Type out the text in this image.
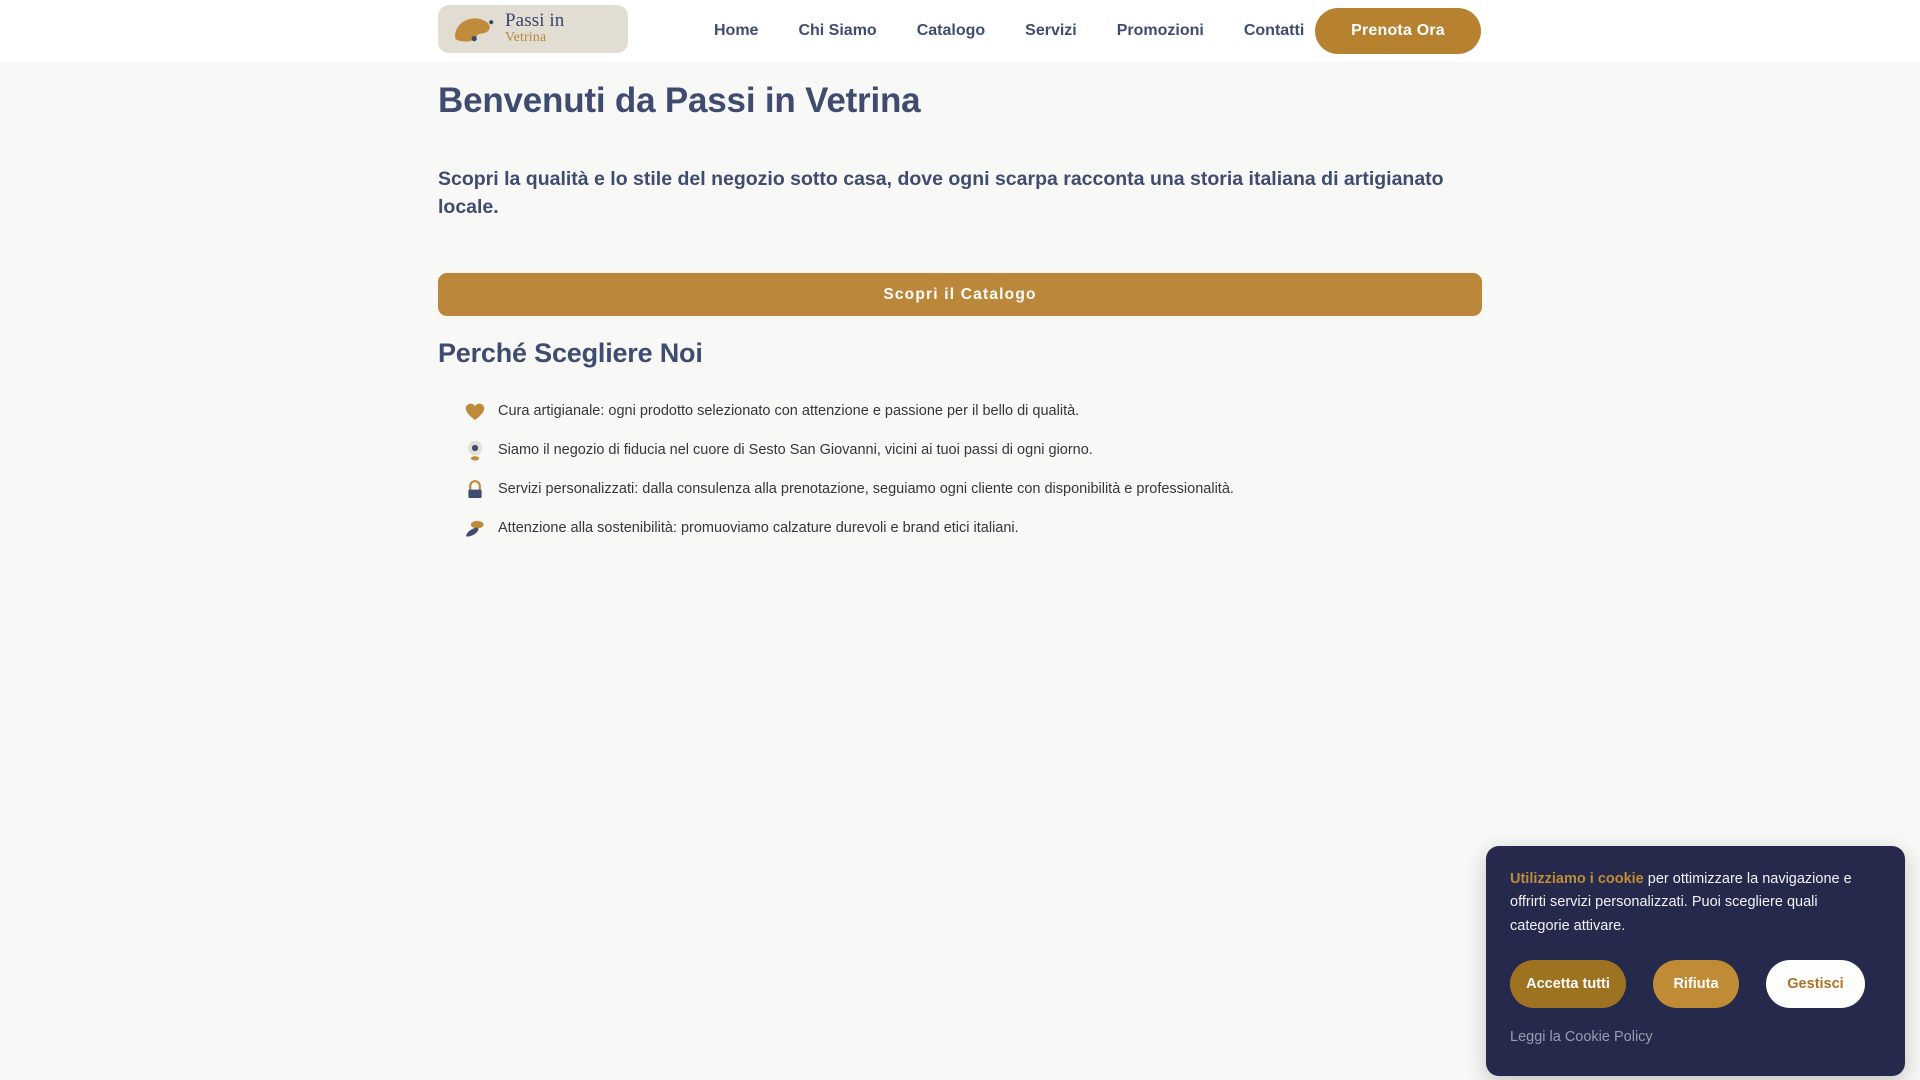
Passi in
Vetrina	Home	Chi Siamo	Catalogo	Servizi	Promozioni	Contatti	Prenota Ora
Benvenuti da Passi in Vetrina

Scopri la qualità e lo stile del negozio sotto casa, dove ogni scarpa racconta una storia italiana di artigianato locale.

Scopri il Catalogo
Perché Scegliere Noi
Cura artigianale: ogni prodotto selezionato con attenzione e passione per il bello di qualità.
Siamo il negozio di fiducia nel cuore di Sesto San Giovanni, vicini ai tuoi passi di ogni giorno.
Servizi personalizzati: dalla consulenza alla prenotazione, seguiamo ogni cliente con disponibilità e professionalità.
Attenzione alla sostenibilità: promuoviamo calzature durevoli e brand etici italiani.

Utilizziamo i cookie per ottimizzare la navigazione e offrirti servizi personalizzati. Puoi scegliere quali categorie attivare.

Accetta tutti	Rifiuta	Gestisci
Leggi la Cookie Policy
